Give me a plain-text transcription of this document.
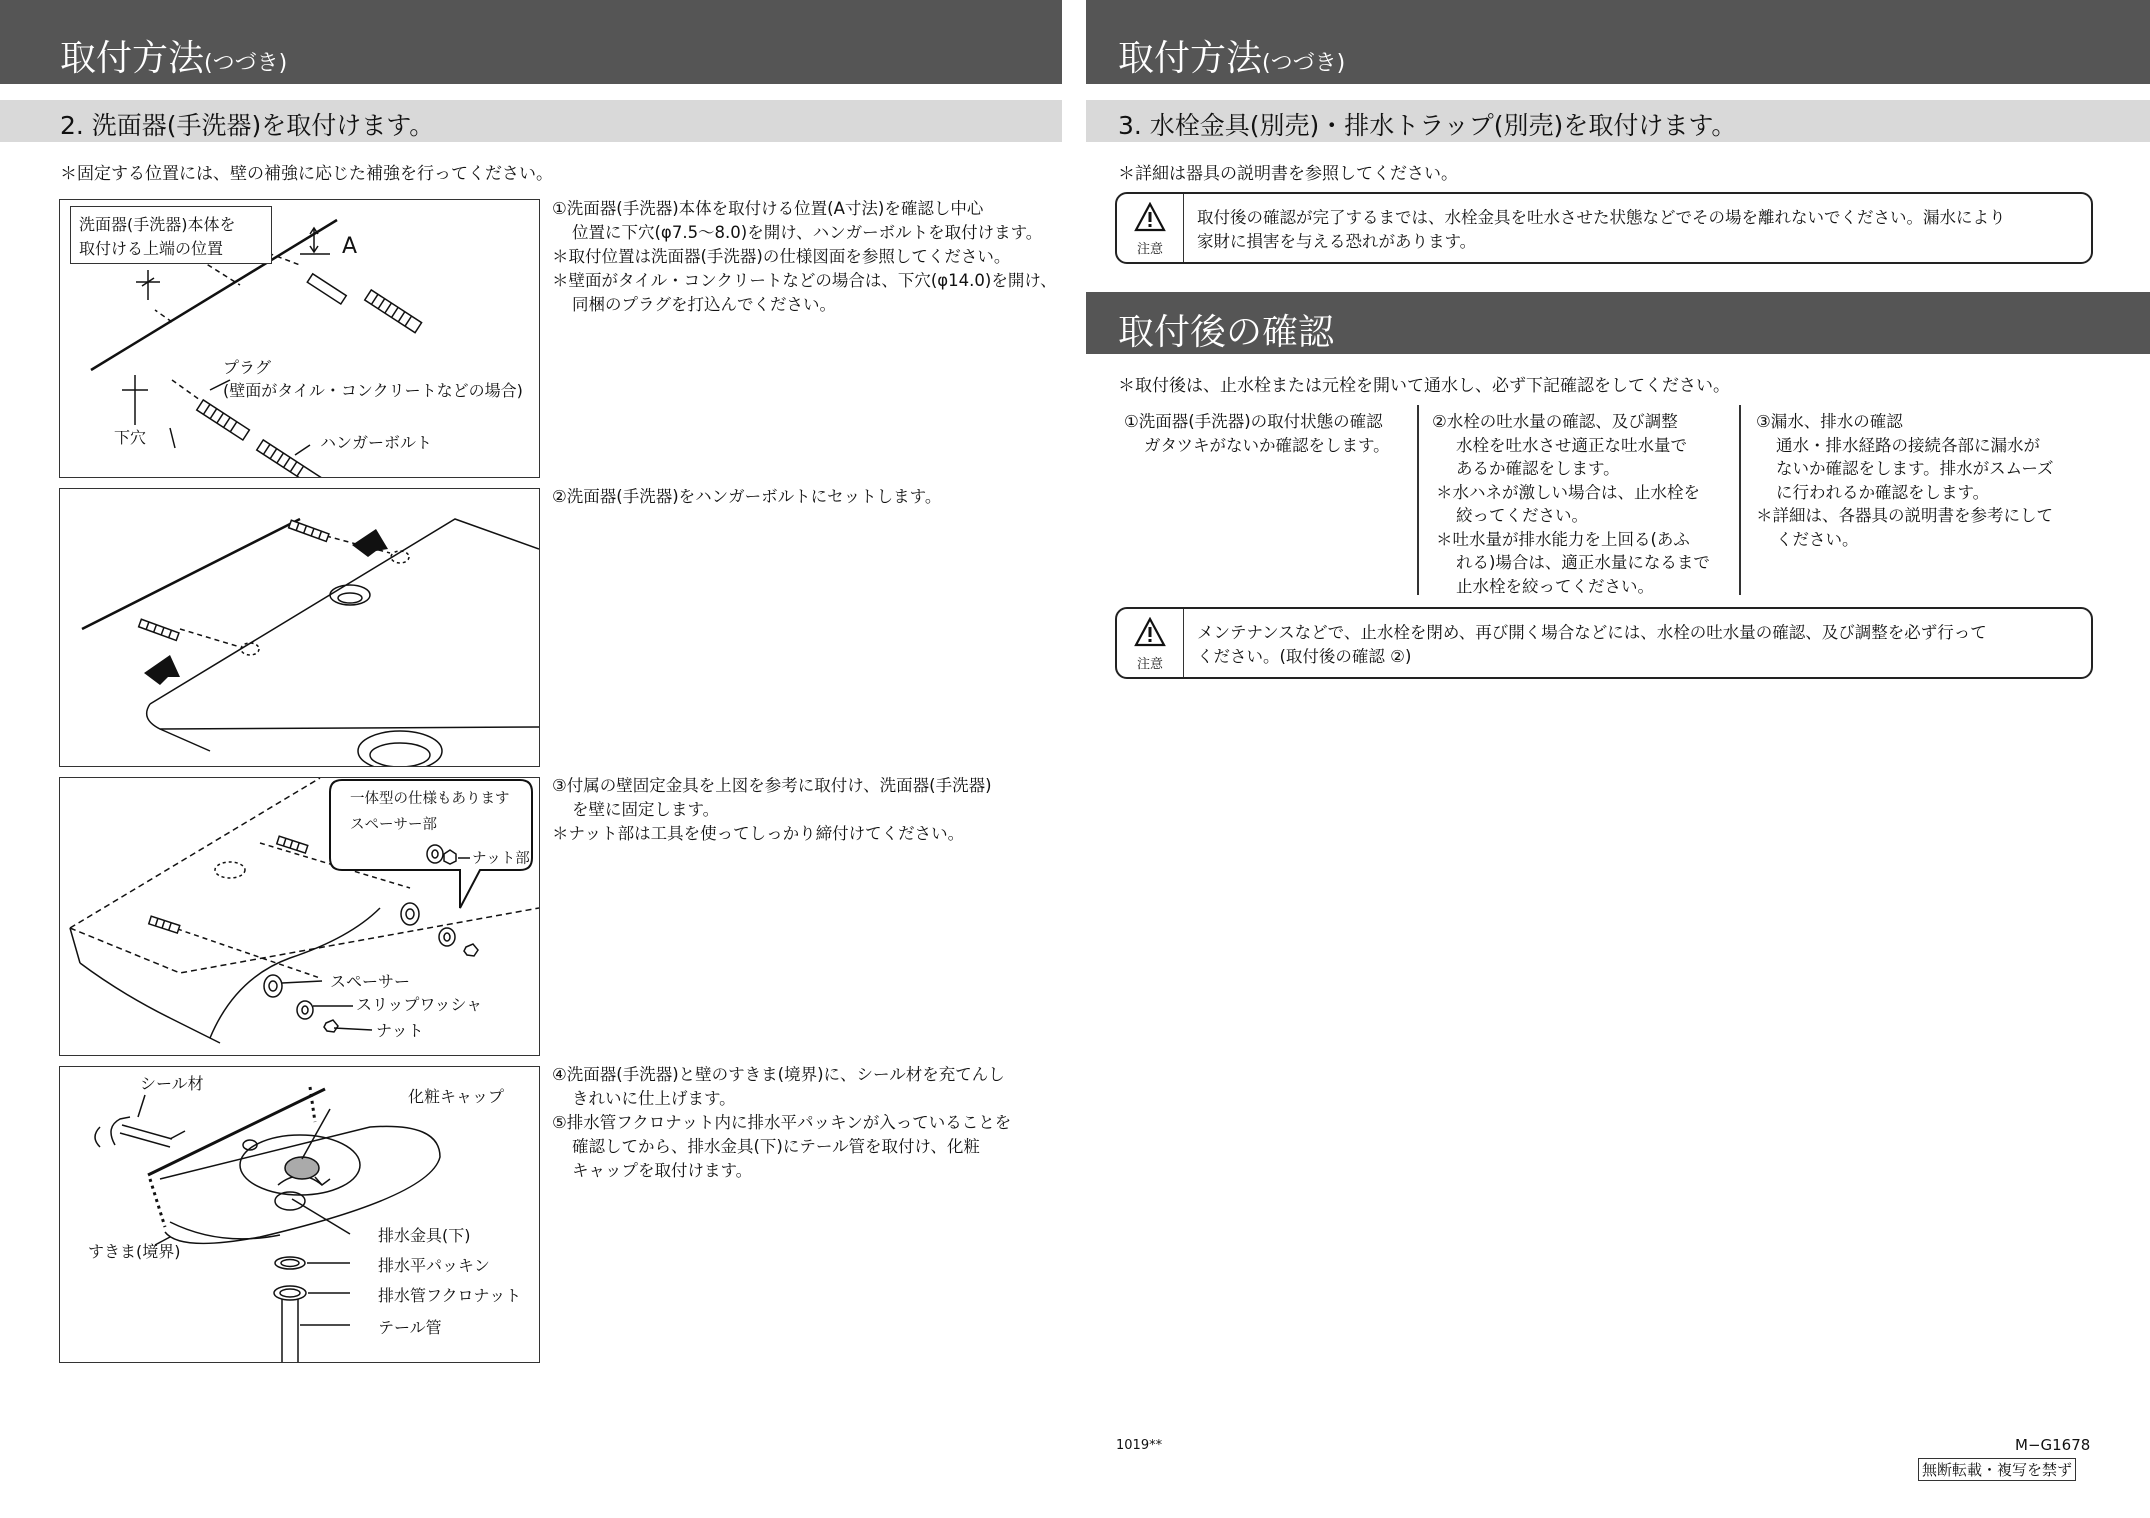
取付方法(つづき)
2. 洗面器(手洗器)を取付けます。
＊固定する位置には、壁の補強に応じた補強を行ってください。
洗面器(手洗器)本体を
取付ける上端の位置	A
プラグ
(壁面がタイル・コンクリートなどの場合)
下穴	ハンガーボルト

①洗面器(手洗器)本体を取付ける位置(A寸法)を確認し中心

位置に下穴(φ7.5～8.0)を開け、ハンガーボルトを取付けます。

＊取付位置は洗面器(手洗器)の仕様図面を参照してください。

＊壁面がタイル・コンクリートなどの場合は、下穴(φ14.0)を開け、

同梱のプラグを打込んでください。

②洗面器(手洗器)をハンガーボルトにセットします。

一体型の仕様もあります
スペーサー部
ナット部
スペーサー
スリップワッシャ
ナット

③付属の壁固定金具を上図を参考に取付け、洗面器(手洗器)

を壁に固定します。

＊ナット部は工具を使ってしっかり締付けてください。

シール材
化粧キャップ
すきま(境界)
排水金具(下)
排水平パッキン
排水管フクロナット
テール管

④洗面器(手洗器)と壁のすきま(境界)に、シール材を充てんし

きれいに仕上げます。

⑤排水管フクロナット内に排水平パッキンが入っていることを

確認してから、排水金具(下)にテール管を取付け、化粧

キャップを取付けます。

取付方法(つづき)
3. 水栓金具(別売)・排水トラップ(別売)を取付けます。
＊詳細は器具の説明書を参照してください。
注意
取付後の確認が完了するまでは、水栓金具を吐水させた状態などでその場を離れないでください。漏水により
家財に損害を与える恐れがあります。
取付後の確認
＊取付後は、止水栓または元栓を開いて通水し、必ず下記確認をしてください。

①洗面器(手洗器)の取付状態の確認

ガタツキがないか確認をします。

②水栓の吐水量の確認、及び調整

水栓を吐水させ適正な吐水量で

あるか確認をします。

＊水ハネが激しい場合は、止水栓を

絞ってください。

＊吐水量が排水能力を上回る(あふ

れる)場合は、適正水量になるまで

止水栓を絞ってください。

③漏水、排水の確認

通水・排水経路の接続各部に漏水が

ないか確認をします。排水がスムーズ

に行われるか確認をします。

＊詳細は、各器具の説明書を参考にして

ください。

注意
メンテナンスなどで、止水栓を閉め、再び開く場合などには、水栓の吐水量の確認、及び調整を必ず行って
ください。(取付後の確認 ②)
1019**	M−G1678
無断転載・複写を禁ず
